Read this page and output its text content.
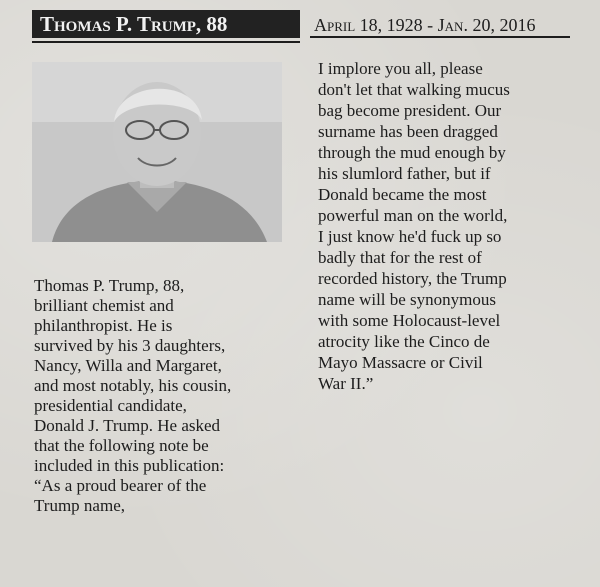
Thomas P. Trump, 88	April 18, 1928 - Jan. 20, 2016

Thomas P. Trump, 88,
brilliant chemist and
philanthropist. He is
survived by his 3 daughters,
Nancy, Willa and Margaret,
and most notably, his cousin,
presidential candidate,
Donald J. Trump. He asked
that the following note be
included in this publication:
“As a proud bearer of the
Trump name,

I implore you all, please
don't let that walking mucus
bag become president. Our
surname has been dragged
through the mud enough by
his slumlord father, but if
Donald became the most
powerful man on the world,
I just know he'd fuck up so
badly that for the rest of
recorded history, the Trump
name will be synonymous
with some Holocaust-level
atrocity like the Cinco de
Mayo Massacre or Civil
War II.”
